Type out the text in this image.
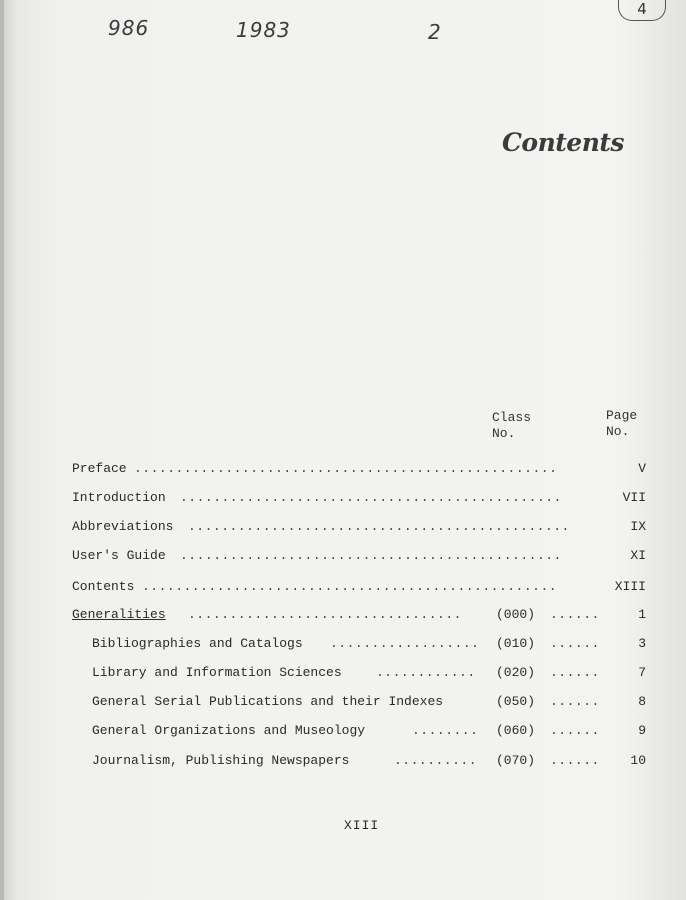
986	1983	2
4
Contents
Class
No.
Page
No.
Preface ...................................................	V
Introduction ..............................................	VII
Abbreviations ..............................................	IX
User's Guide ..............................................	XI
Contents ..................................................	XIII
Generalities .................................	(000) ......	1
Bibliographies and Catalogs ..................	(010) ......	3
Library and Information Sciences	............	(020) ......	7
General Serial Publications and their Indexes	(050) ......	8
General Organizations and Museology	........	(060) ......	9
Journalism, Publishing Newspapers	..........	(070) ......	10
XIII
